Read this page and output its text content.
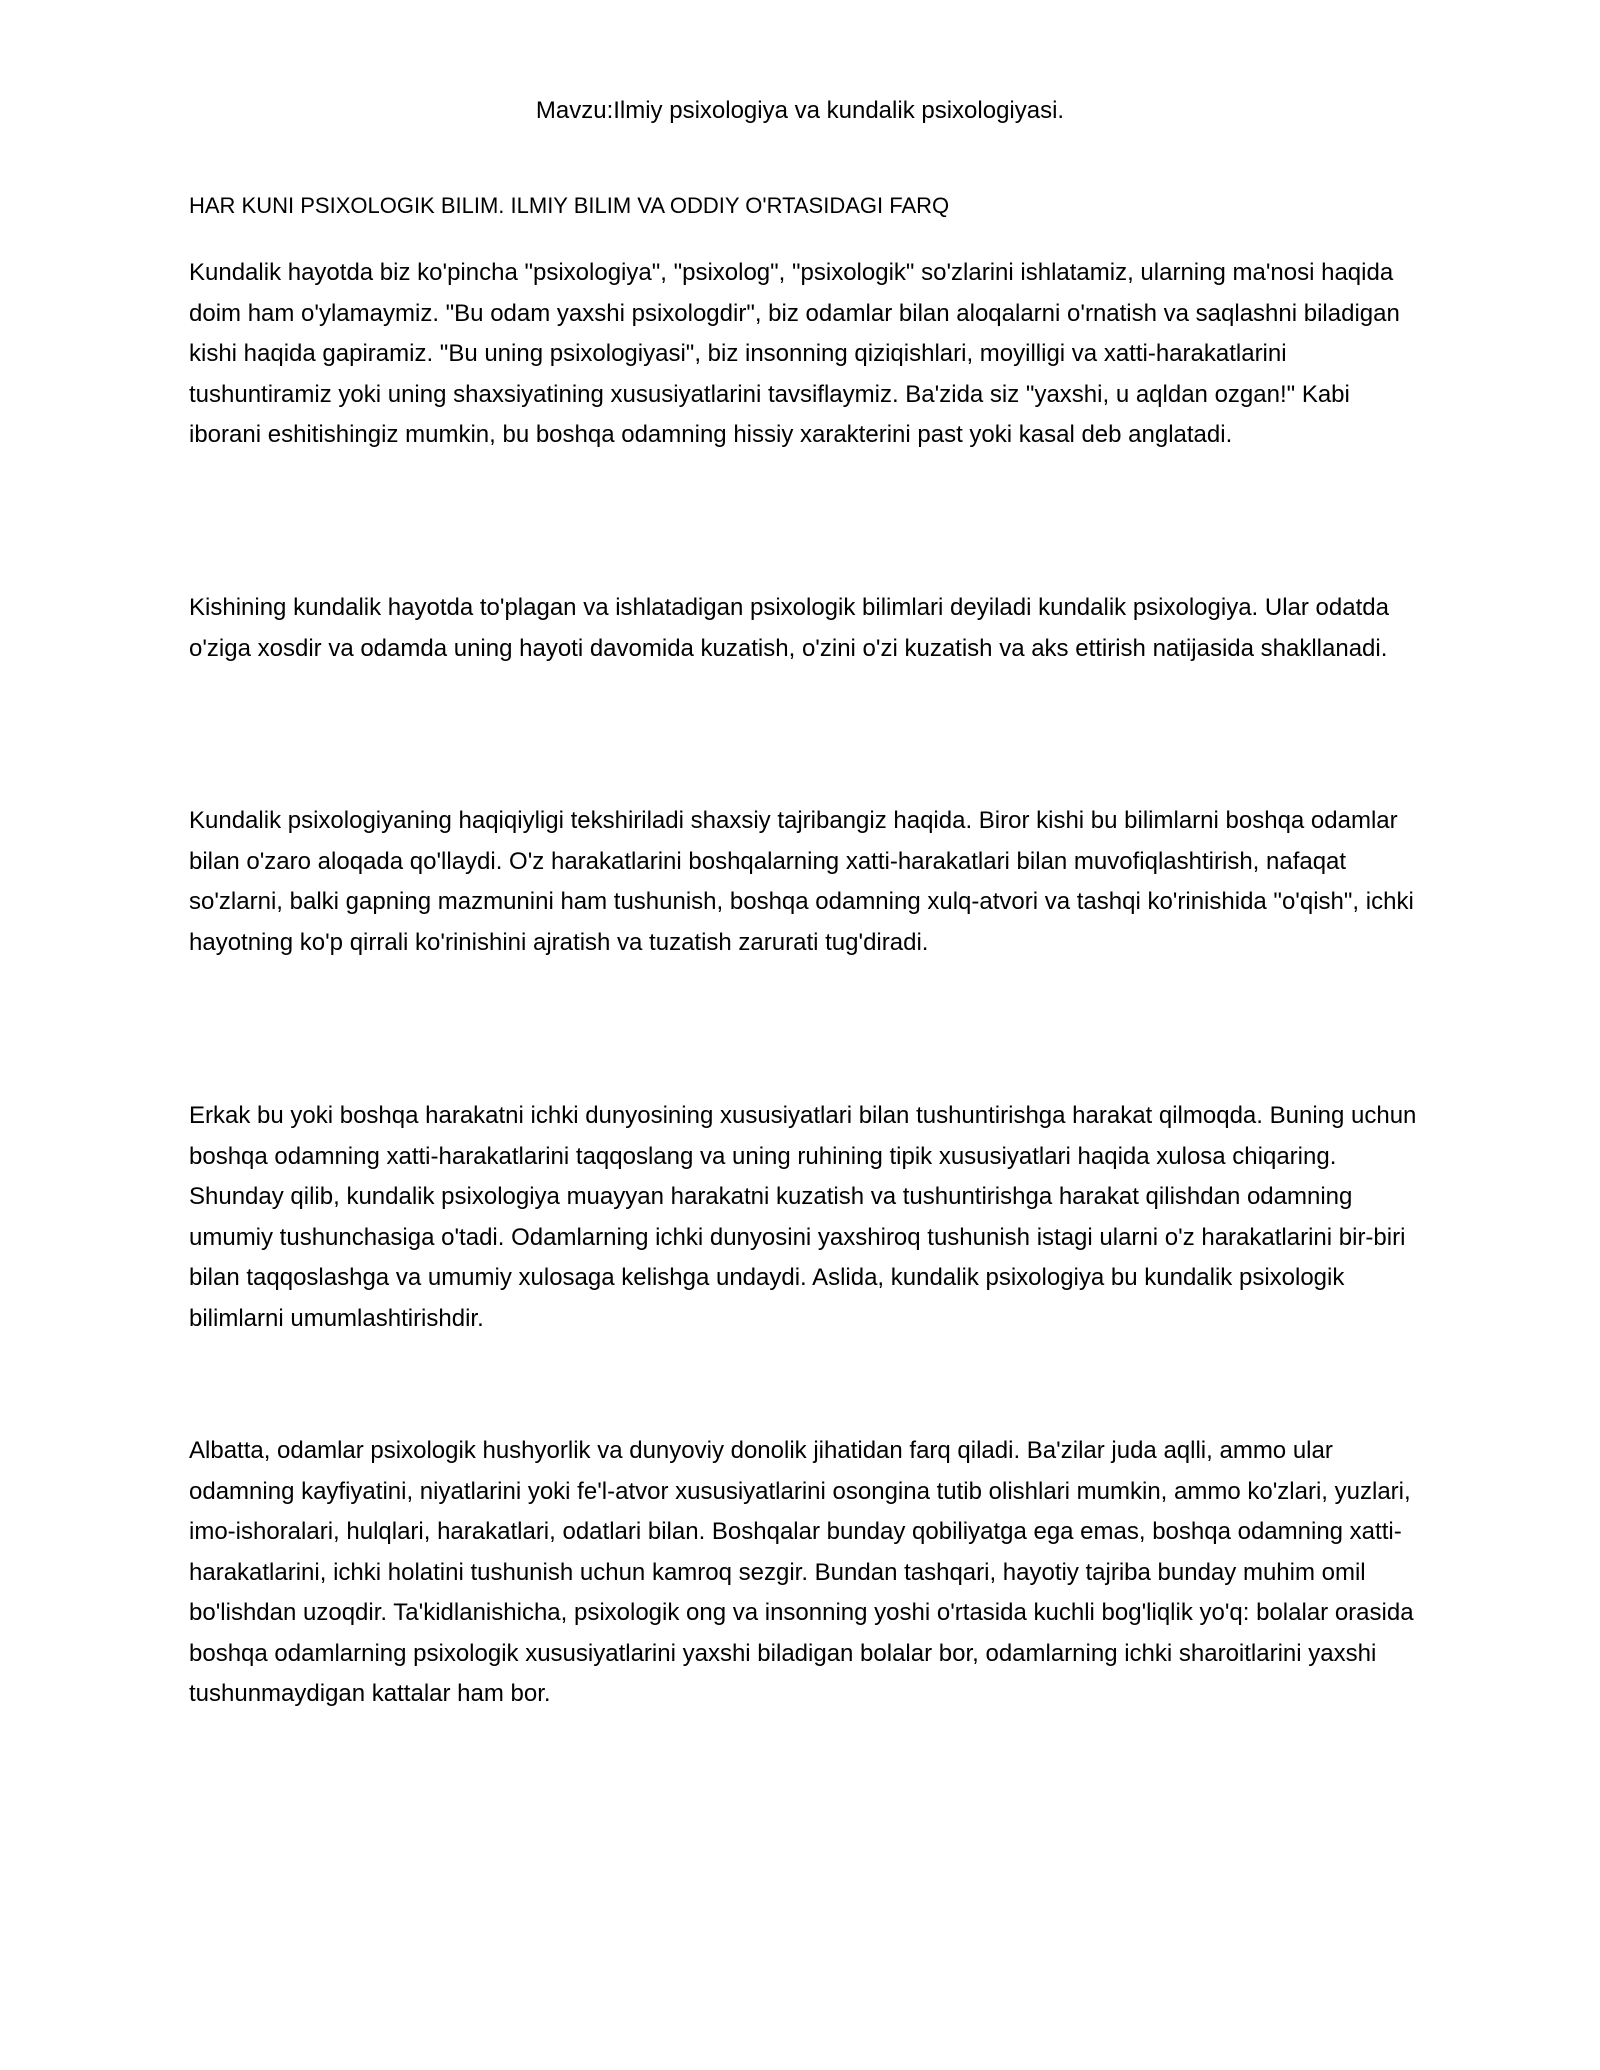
Mavzu:Ilmiy psixologiya va kundalik psixologiyasi.
HAR KUNI PSIXOLOGIK BILIM. ILMIY BILIM VA ODDIY O'RTASIDAGI FARQ

Kundalik hayotda biz ko'pincha "psixologiya", "psixolog", "psixologik" so'zlarini ishlatamiz, ularning ma'nosi haqida doim ham o'ylamaymiz. "Bu odam yaxshi psixologdir", biz odamlar bilan aloqalarni o'rnatish va saqlashni biladigan kishi haqida gapiramiz. "Bu uning psixologiyasi", biz insonning qiziqishlari, moyilligi va xatti-harakatlarini tushuntiramiz yoki uning shaxsiyatining xususiyatlarini tavsiflaymiz. Ba'zida siz "yaxshi, u aqldan ozgan!" Kabi iborani eshitishingiz mumkin, bu boshqa odamning hissiy xarakterini past yoki kasal deb anglatadi.

Kishining kundalik hayotda to'plagan va ishlatadigan psixologik bilimlari deyiladi kundalik psixologiya. Ular odatda o'ziga xosdir va odamda uning hayoti davomida kuzatish, o'zini o'zi kuzatish va aks ettirish natijasida shakllanadi.

Kundalik psixologiyaning haqiqiyligi tekshiriladi shaxsiy tajribangiz haqida. Biror kishi bu bilimlarni boshqa odamlar bilan o'zaro aloqada qo'llaydi. O'z harakatlarini boshqalarning xatti-harakatlari bilan muvofiqlashtirish, nafaqat so'zlarni, balki gapning mazmunini ham tushunish, boshqa odamning xulq-atvori va tashqi ko'rinishida "o'qish", ichki hayotning ko'p qirrali ko'rinishini ajratish va tuzatish zarurati tug'diradi.

Erkak bu yoki boshqa harakatni ichki dunyosining xususiyatlari bilan tushuntirishga harakat qilmoqda. Buning uchun boshqa odamning xatti-harakatlarini taqqoslang va uning ruhining tipik xususiyatlari haqida xulosa chiqaring. Shunday qilib, kundalik psixologiya muayyan harakatni kuzatish va tushuntirishga harakat qilishdan odamning umumiy tushunchasiga o'tadi. Odamlarning ichki dunyosini yaxshiroq tushunish istagi ularni o'z harakatlarini bir-biri bilan taqqoslashga va umumiy xulosaga kelishga undaydi. Aslida, kundalik psixologiya bu kundalik psixologik bilimlarni umumlashtirishdir.

Albatta, odamlar psixologik hushyorlik va dunyoviy donolik jihatidan farq qiladi. Ba'zilar juda aqlli, ammo ular odamning kayfiyatini, niyatlarini yoki fe'l-atvor xususiyatlarini osongina tutib olishlari mumkin, ammo ko'zlari, yuzlari, imo-ishoralari, hulqlari, harakatlari, odatlari bilan. Boshqalar bunday qobiliyatga ega emas, boshqa odamning xatti-harakatlarini, ichki holatini tushunish uchun kamroq sezgir. Bundan tashqari, hayotiy tajriba bunday muhim omil bo'lishdan uzoqdir. Ta'kidlanishicha, psixologik ong va insonning yoshi o'rtasida kuchli bog'liqlik yo'q: bolalar orasida boshqa odamlarning psixologik xususiyatlarini yaxshi biladigan bolalar bor, odamlarning ichki sharoitlarini yaxshi tushunmaydigan kattalar ham bor.
